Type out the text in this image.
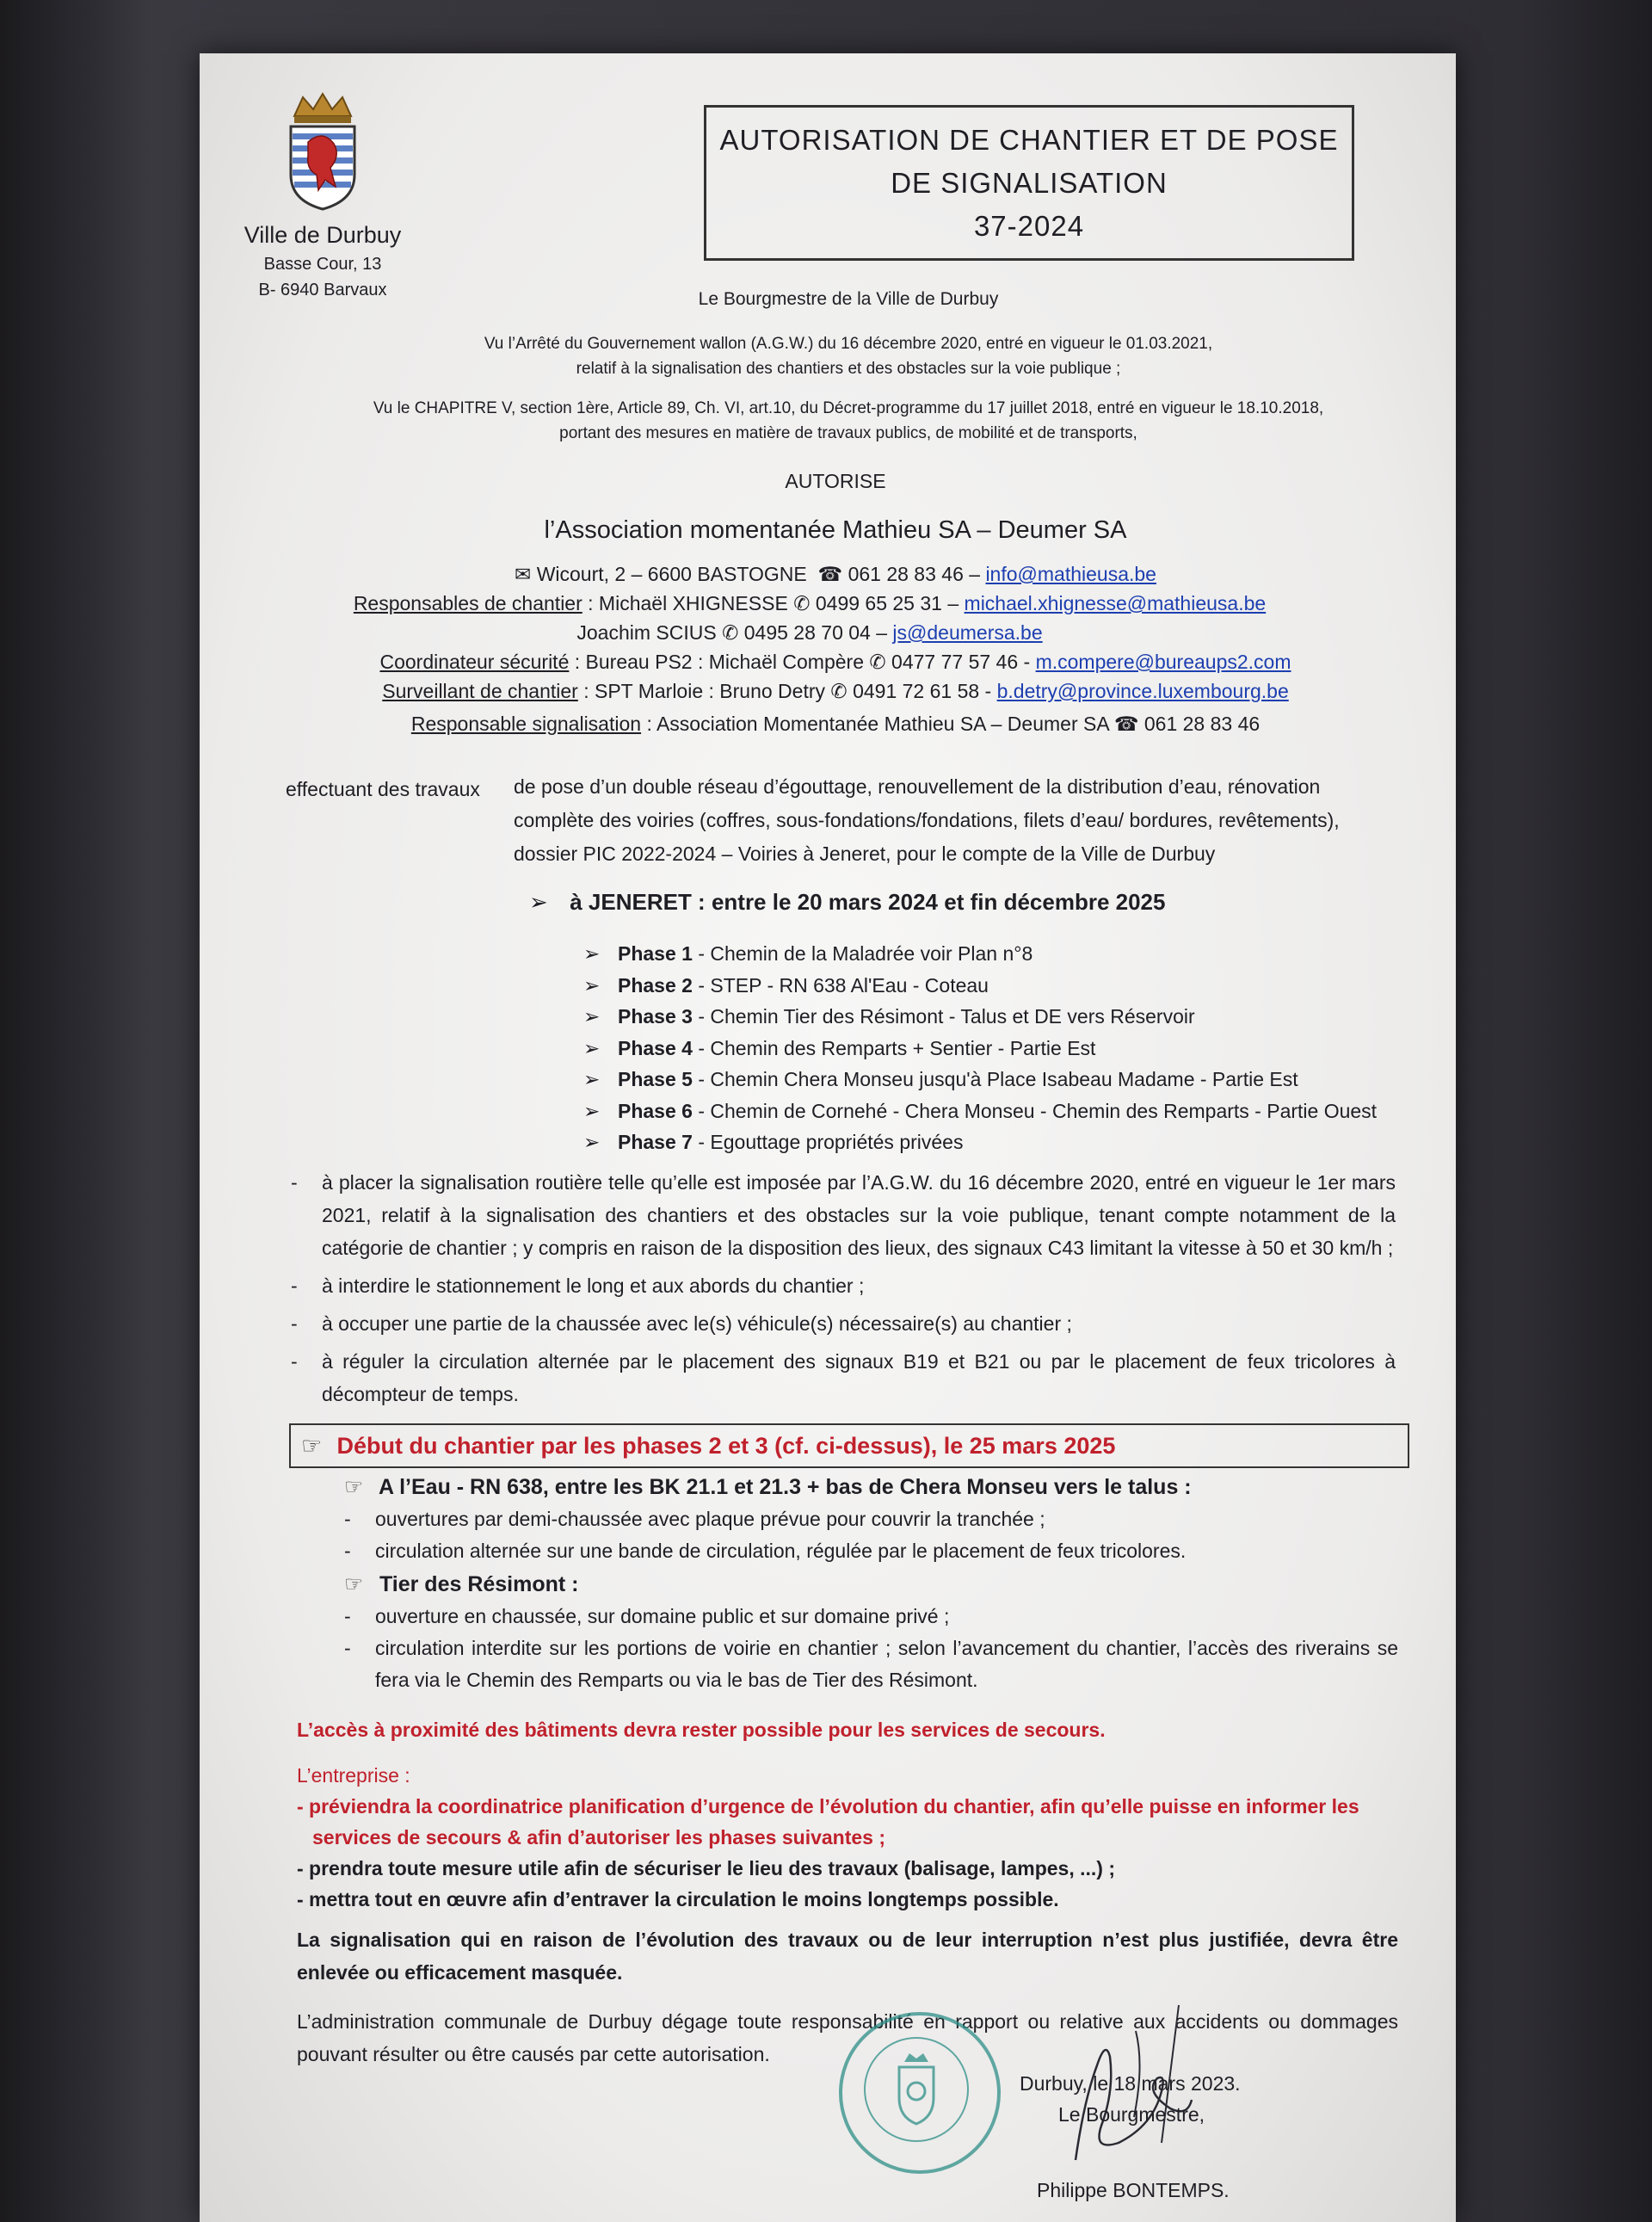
Ville de Durbuy
Basse Cour, 13
B- 6940 Barvaux
AUTORISATION DE CHANTIER ET DE POSE
DE SIGNALISATION
37-2024
Le Bourgmestre de la Ville de Durbuy
Vu l’Arrêté du Gouvernement wallon (A.G.W.) du 16 décembre 2020, entré en vigueur le 01.03.2021,
relatif à la signalisation des chantiers et des obstacles sur la voie publique ;
Vu le CHAPITRE V, section 1ère, Article 89, Ch. VI, art.10, du Décret-programme du 17 juillet 2018, entré en vigueur le 18.10.2018,
portant des mesures en matière de travaux publics, de mobilité et de transports,
AUTORISE
l’Association momentanée Mathieu SA – Deumer SA
✉ Wicourt, 2 – 6600 BASTOGNE  ☎ 061 28 83 46 – info@mathieusa.be
Responsables de chantier : Michaël XHIGNESSE ✆ 0499 65 25 31 – michael.xhignesse@mathieusa.be
Joachim SCIUS ✆ 0495 28 70 04 – js@deumersa.be
Coordinateur sécurité : Bureau PS2 : Michaël Compère ✆ 0477 77 57 46 - m.compere@bureaups2.com
Surveillant de chantier : SPT Marloie : Bruno Detry ✆ 0491 72 61 58 - b.detry@province.luxembourg.be
Responsable signalisation : Association Momentanée Mathieu SA – Deumer SA ☎ 061 28 83 46
effectuant des travaux	de pose d’un double réseau d’égouttage, renouvellement de la distribution d’eau, rénovation
complète des voiries (coffres, sous-fondations/fondations, filets d’eau/ bordures, revêtements),
dossier PIC 2022-2024 – Voiries à Jeneret, pour le compte de la Ville de Durbuy
➢ à JENERET : entre le 20 mars 2024 et fin décembre 2025
➢ Phase 1 - Chemin de la Maladrée voir Plan n°8
➢ Phase 2 - STEP - RN 638 Al'Eau - Coteau
➢ Phase 3 - Chemin Tier des Résimont - Talus et DE vers Réservoir
➢ Phase 4 - Chemin des Remparts + Sentier - Partie Est
➢ Phase 5 - Chemin Chera Monseu jusqu'à Place Isabeau Madame - Partie Est
➢ Phase 6 - Chemin de Cornehé - Chera Monseu - Chemin des Remparts - Partie Ouest
➢ Phase 7 - Egouttage propriétés privées
- à placer la signalisation routière telle qu’elle est imposée par l’A.G.W. du 16 décembre 2020, entré en vigueur le 1er mars 2021, relatif à la signalisation des chantiers et des obstacles sur la voie publique, tenant compte notamment de la catégorie de chantier ; y compris en raison de la disposition des lieux, des signaux C43 limitant la vitesse à 50 et 30 km/h ;
- à interdire le stationnement le long et aux abords du chantier ;
- à occuper une partie de la chaussée avec le(s) véhicule(s) nécessaire(s) au chantier ;
- à réguler la circulation alternée par le placement des signaux B19 et B21 ou par le placement de feux tricolores à décompteur de temps.
☞ Début du chantier par les phases 2 et 3 (cf. ci-dessus), le 25 mars 2025
☞ A l’Eau - RN 638, entre les BK 21.1 et 21.3 + bas de Chera Monseu vers le talus :
- ouvertures par demi-chaussée avec plaque prévue pour couvrir la tranchée ;
- circulation alternée sur une bande de circulation, régulée par le placement de feux tricolores.
☞ Tier des Résimont :
- ouverture en chaussée, sur domaine public et sur domaine privé ;
- circulation interdite sur les portions de voirie en chantier ; selon l’avancement du chantier, l’accès des riverains se fera via le Chemin des Remparts ou via le bas de Tier des Résimont.
L’accès à proximité des bâtiments devra rester possible pour les services de secours.
L’entreprise :
- préviendra la coordinatrice planification d’urgence de l’évolution du chantier, afin qu’elle puisse en informer les services de secours & afin d’autoriser les phases suivantes ;
- prendra toute mesure utile afin de sécuriser le lieu des travaux (balisage, lampes, ...) ;
- mettra tout en œuvre afin d’entraver la circulation le moins longtemps possible.
La signalisation qui en raison de l’évolution des travaux ou de leur interruption n’est plus justifiée, devra être enlevée ou efficacement masquée.
L’administration communale de Durbuy dégage toute responsabilité en rapport ou relative aux accidents ou dommages pouvant résulter ou être causés par cette autorisation.
Durbuy, le 18 mars 2023.
Le Bourgmestre,
Philippe BONTEMPS.
